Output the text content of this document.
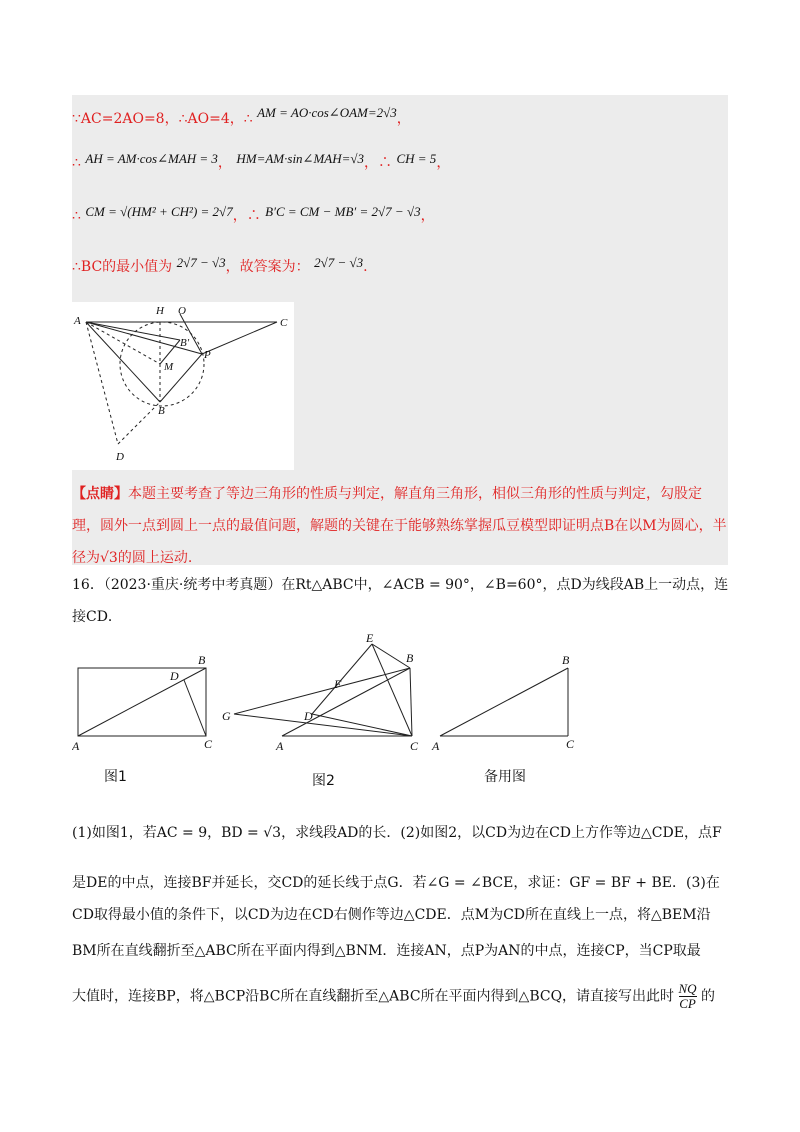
∵AC=2AO=8，∴AO=4，∴ AM = AO·cos∠OAM=2√3，
∴ AH = AM·cos∠MAH = 3， HM=AM·sin∠MAH=√3，∴ CH = 5，
∴ CM = √(HM² + CH²) = 2√7，∴ B′C = CM − MB′ = 2√7 − √3，
∴BC的最小值为 2√7 − √3，故答案为： 2√7 − √3.
A
H O
C
B′
P
M
B
D
【点睛】本题主要考查了等边三角形的性质与判定，解直角三角形，相似三角形的性质与判定，勾股定理，圆外一点到圆上一点的最值问题，解题的关键在于能够熟练掌握瓜豆模型即证明点B在以M为圆心，半径为√3的圆上运动.
16．（2023·重庆·统考中考真题）在Rt△ABC中，∠ACB = 90°，∠B=60°，点D为线段AB上一动点，连
接CD．
B
D
A	C
E
B
F
G	D
A	C
B
A	C
图1	图2	备用图
(1)如图1，若AC = 9，BD = √3，求线段AD的长．(2)如图2，以CD为边在CD上方作等边△CDE，点F
是DE的中点，连接BF并延长，交CD的延长线于点G．若∠G = ∠BCE，求证：GF = BF + BE．(3)在
CD取得最小值的条件下，以CD为边在CD右侧作等边△CDE．点M为CD所在直线上一点，将△BEM沿
BM所在直线翻折至△ABC所在平面内得到△BNM．连接AN，点P为AN的中点，连接CP，当CP取最
大值时，连接BP，将△BCP沿BC所在直线翻折至△ABC所在平面内得到△BCQ，请直接写出此时 $\frac{NQ}{CP}$ 的
